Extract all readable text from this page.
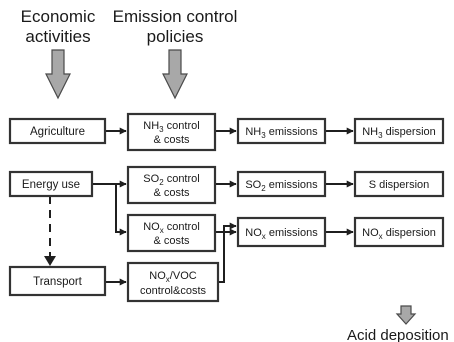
Economic
activities
Emission control
policies
Agriculture
Energy use
Transport
$NH_3$ control
& costs
$SO_2$ control
& costs
$NO_x$ control
& costs
$NO_x$/VOC
control&costs
$NH_3$ emissions
$SO_2$ emissions
$NO_x$ emissions
$NH_3$ dispersion
S dispersion
$NO_x$ dispersion
Acid deposition
